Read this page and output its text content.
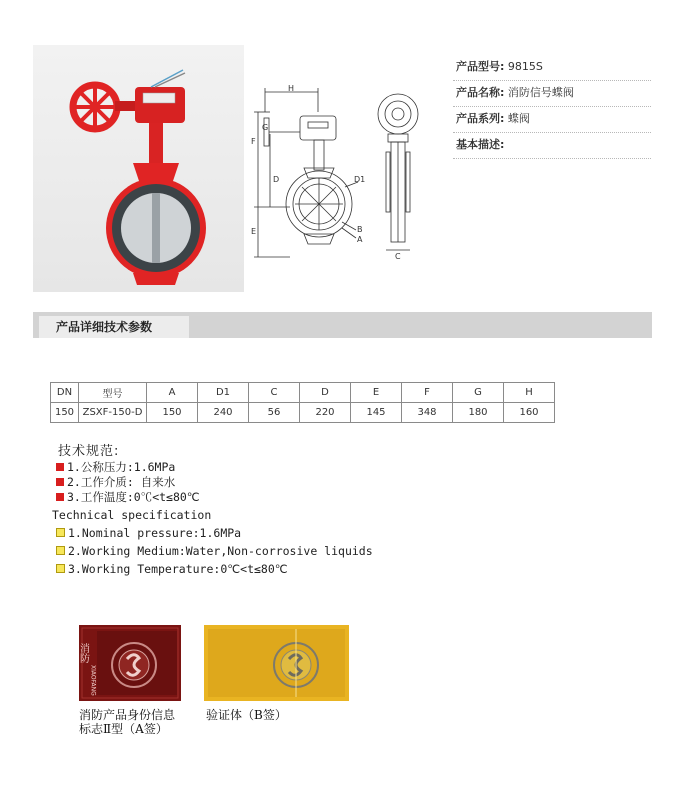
H
F
G
D	D1
E	B
A
C
产品型号: 9815S
产品名称: 消防信号蝶阀
产品系列: 蝶阀
基本描述:
产品详细技术参数
DN	型号	A	D1	C	D	E	F	G	H
150	ZSXF-150-D	150	240	56	220	145	348	180	160
技术规范:
1.公称压力:1.6MPa
2.工作介质: 自来水
3.工作温度:0℃<t≤80℃
Technical specification
1.Nominal pressure:1.6MPa
2.Working Medium:Water,Non-corrosive liquids
3.Working Temperature:0℃<t≤80℃
消防
XIAOFANG
消防产品身份信息
标志Ⅱ型（A签）
验证体（B签）
